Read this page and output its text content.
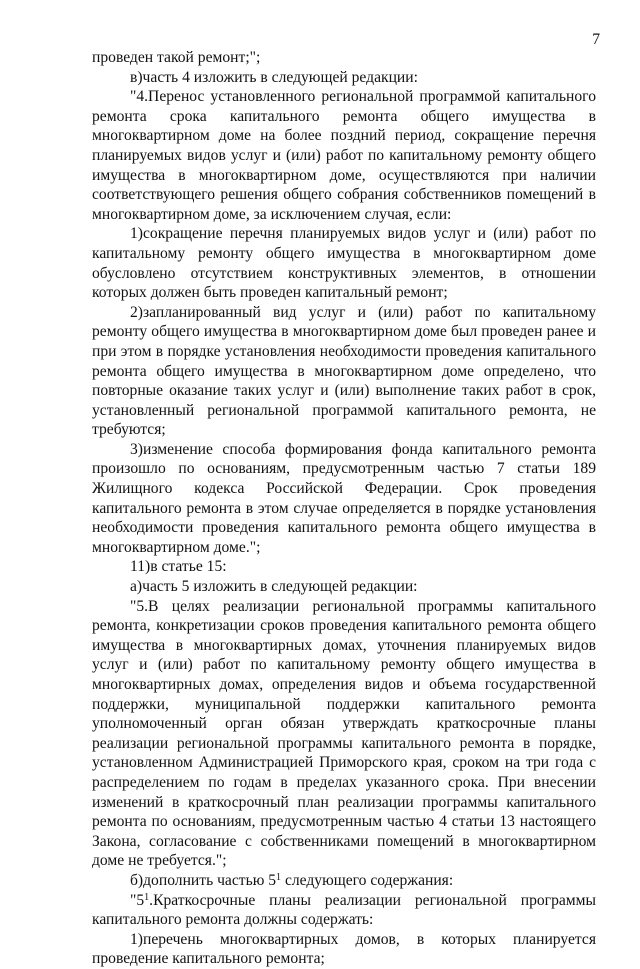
7

проведен такой ремонт;";

в)часть 4 изложить в следующей редакции:

"4.Перенос установленного региональной программой капитального ремонта срока капитального ремонта общего имущества в многоквартирном доме на более поздний период, сокращение перечня планируемых видов услуг и (или) работ по капитальному ремонту общего имущества в многоквартирном доме, осуществляются при наличии соответствующего решения общего собрания собственников помещений в многоквартирном доме, за исключением случая, если:

1)сокращение перечня планируемых видов услуг и (или) работ по капитальному ремонту общего имущества в многоквартирном доме обусловлено отсутствием конструктивных элементов, в отношении которых должен быть проведен капитальный ремонт;

2)запланированный вид услуг и (или) работ по капитальному ремонту общего имущества в многоквартирном доме был проведен ранее и при этом в порядке установления необходимости проведения капитального ремонта общего имущества в многоквартирном доме определено, что повторные оказание таких услуг и (или) выполнение таких работ в срок, установленный региональной программой капитального ремонта, не требуются;

3)изменение способа формирования фонда капитального ремонта произошло по основаниям, предусмотренным частью 7 статьи 189 Жилищного кодекса Российской Федерации. Срок проведения капитального ремонта в этом случае определяется в порядке установления необходимости проведения капитального ремонта общего имущества в многоквартирном доме.";

11)в статье 15:

а)часть 5 изложить в следующей редакции:

"5.В целях реализации региональной программы капитального ремонта, конкретизации сроков проведения капитального ремонта общего имущества в многоквартирных домах, уточнения планируемых видов услуг и (или) работ по капитальному ремонту общего имущества в многоквартирных домах, определения видов и объема государственной поддержки, муниципальной поддержки капитального ремонта уполномоченный орган обязан утверждать краткосрочные планы реализации региональной программы капитального ремонта в порядке, установленном Администрацией Приморского края, сроком на три года с распределением по годам в пределах указанного срока. При внесении изменений в краткосрочный план реализации программы капитального ремонта по основаниям, предусмотренным частью 4 статьи 13 настоящего Закона, согласование с собственниками помещений в многоквартирном доме не требуется.";

б)дополнить частью $5^1$ следующего содержания:

"$5^1.Краткосрочные$ планы реализации региональной программы капитального ремонта должны содержать:

1)перечень многоквартирных домов, в которых планируется проведение капитального ремонта;
